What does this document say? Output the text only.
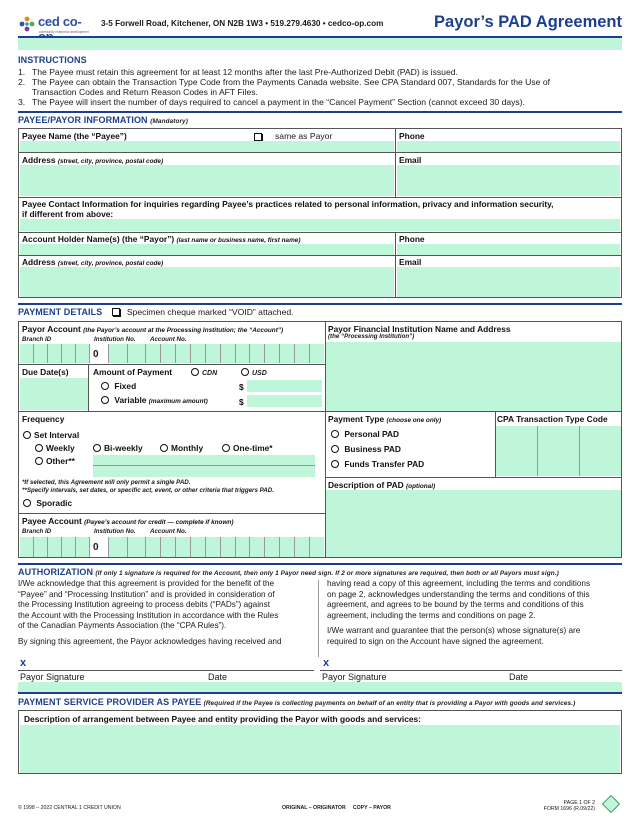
ced co-
community enterprise development
3-5 Forwell Road, Kitchener, ON N2B 1W3 • 519.279.4630 • cedco-op.com	Payor’s PAD Agreement
INSTRUCTIONS
1. The Payee must retain this agreement for at least 12 months after the last Pre-Authorized Debit (PAD) is issued.
2. The Payee can obtain the Transaction Type Code from the Payments Canada website. See CPA Standard 007, Standards for the Use of
Transaction Codes and Return Reason Codes in AFT Files.
3. The Payee will insert the number of days required to cancel a payment in the “Cancel Payment” Section (cannot exceed 30 days).
PAYEE/PAYOR INFORMATION (Mandatory)
Payee Name (the “Payee”)	same as Payor	Phone
Address (street, city, province, postal code)	Email
Payee Contact Information for inquiries regarding Payee’s practices related to personal information, privacy and information security,
if different from above:
Account Holder Name(s) (the “Payor”) (last name or business name, first name)	Phone
Address (street, city, province, postal code)	Email
PAYMENT DETAILS	Specimen cheque marked “VOID” attached.
Payor Account (the Payor’s account at the Processing Institution; the “Account”)
Branch ID	Institution No. Account No.
0
Payor Financial Institution Name and Address
(the “Processing Institution”)
Due Date(s)	Amount of Payment	CDN	USD
Fixed	$
Variable (maximum amount)	$
Frequency
Set Interval
Weekly	Bi-weekly	Monthly	One-time*
Other**
*If selected, this Agreement will only permit a single PAD.
**Specify intervals, set dates, or specific act, event, or other criteria that triggers PAD.
Sporadic
Payment Type (choose one only)	CPA Transaction Type Code
Personal PAD
Business PAD
Funds Transfer PAD
Description of PAD (optional)
Payee Account (Payee’s account for credit — complete if known)
Branch ID	Institution No. Account No.
0
AUTHORIZATION (If only 1 signature is required for the Account, then only 1 Payor need sign. If 2 or more signatures are required, then both or all Payors must sign.)
I/We acknowledge that this agreement is provided for the benefit of the
“Payee” and “Processing Institution” and is provided in consideration of
the Processing Institution agreeing to process debits (“PADs”) against
the Account with the Processing Institution in accordance with the Rules
of the Canadian Payments Association (the “CPA Rules”).
By signing this agreement, the Payor acknowledges having received and
having read a copy of this agreement, including the terms and conditions
on page 2, acknowledges understanding the terms and conditions of this
agreement, and agrees to be bound by the terms and conditions of this
agreement, including the terms and conditions on page 2.
I/We warrant and guarantee that the person(s) whose signature(s) are
required to sign on the Account have signed the agreement.
x	x
Payor Signature	Date	Payor Signature	Date
PAYMENT SERVICE PROVIDER AS PAYEE (Required if the Payee is collecting payments on behalf of an entity that is providing a Payor with goods and services.)
Description of arrangement between Payee and entity providing the Payor with goods and services:
© 1998 – 2022 CENTRAL 1 CREDIT UNION	ORIGINAL – ORIGINATOR     COPY – PAYOR
PAGE 1 OF 2
FORM 1696 (R.09/22)
